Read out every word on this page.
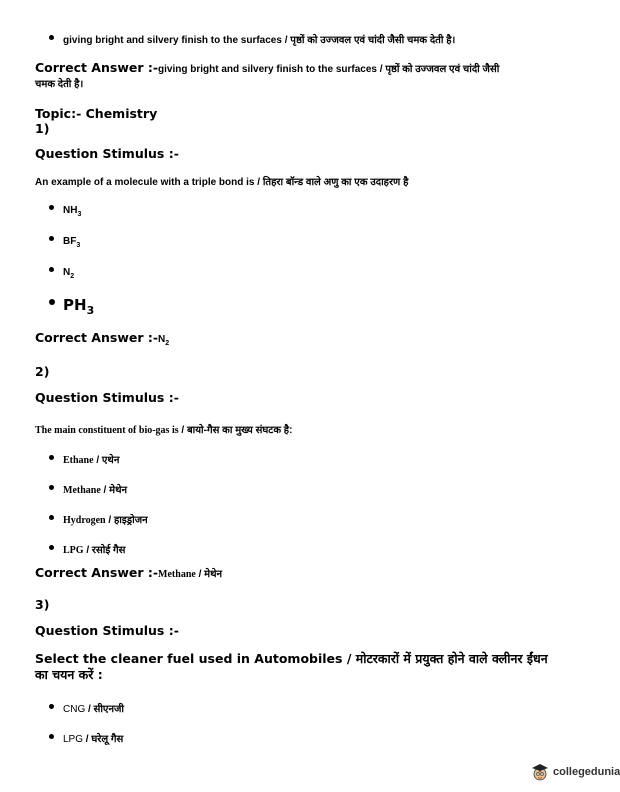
giving bright and silvery finish to the surfaces / पृष्ठों को उज्जवल एवं चांदी जैसी चमक देती है।
Correct Answer :-giving bright and silvery finish to the surfaces / पृष्ठों को उज्जवल एवं चांदी जैसी
चमक देती है।
Topic:- Chemistry
1)
Question Stimulus :-
An example of a molecule with a triple bond is / तिहरा बॉन्ड वाले अणु का एक उदाहरण है
$NH_3$
$BF_3$
$N_2$
$PH_3$
Correct Answer $:-N_2$
2)
Question Stimulus :-
The main constituent of bio-gas is / बायो-गैस का मुख्य संघटक है:
Ethane / एथेन
Methane / मेथेन
Hydrogen / हाइड्रोजन
LPG / रसोई गैस
Correct Answer :-Methane / मेथेन
3)
Question Stimulus :-
Select the cleaner fuel used in Automobiles / मोटरकारों में प्रयुक्त होने वाले क्लीनर ईंधन
का चयन करें :
CNG / सीएनजी
LPG / घरेलू गैस
collegedunia
